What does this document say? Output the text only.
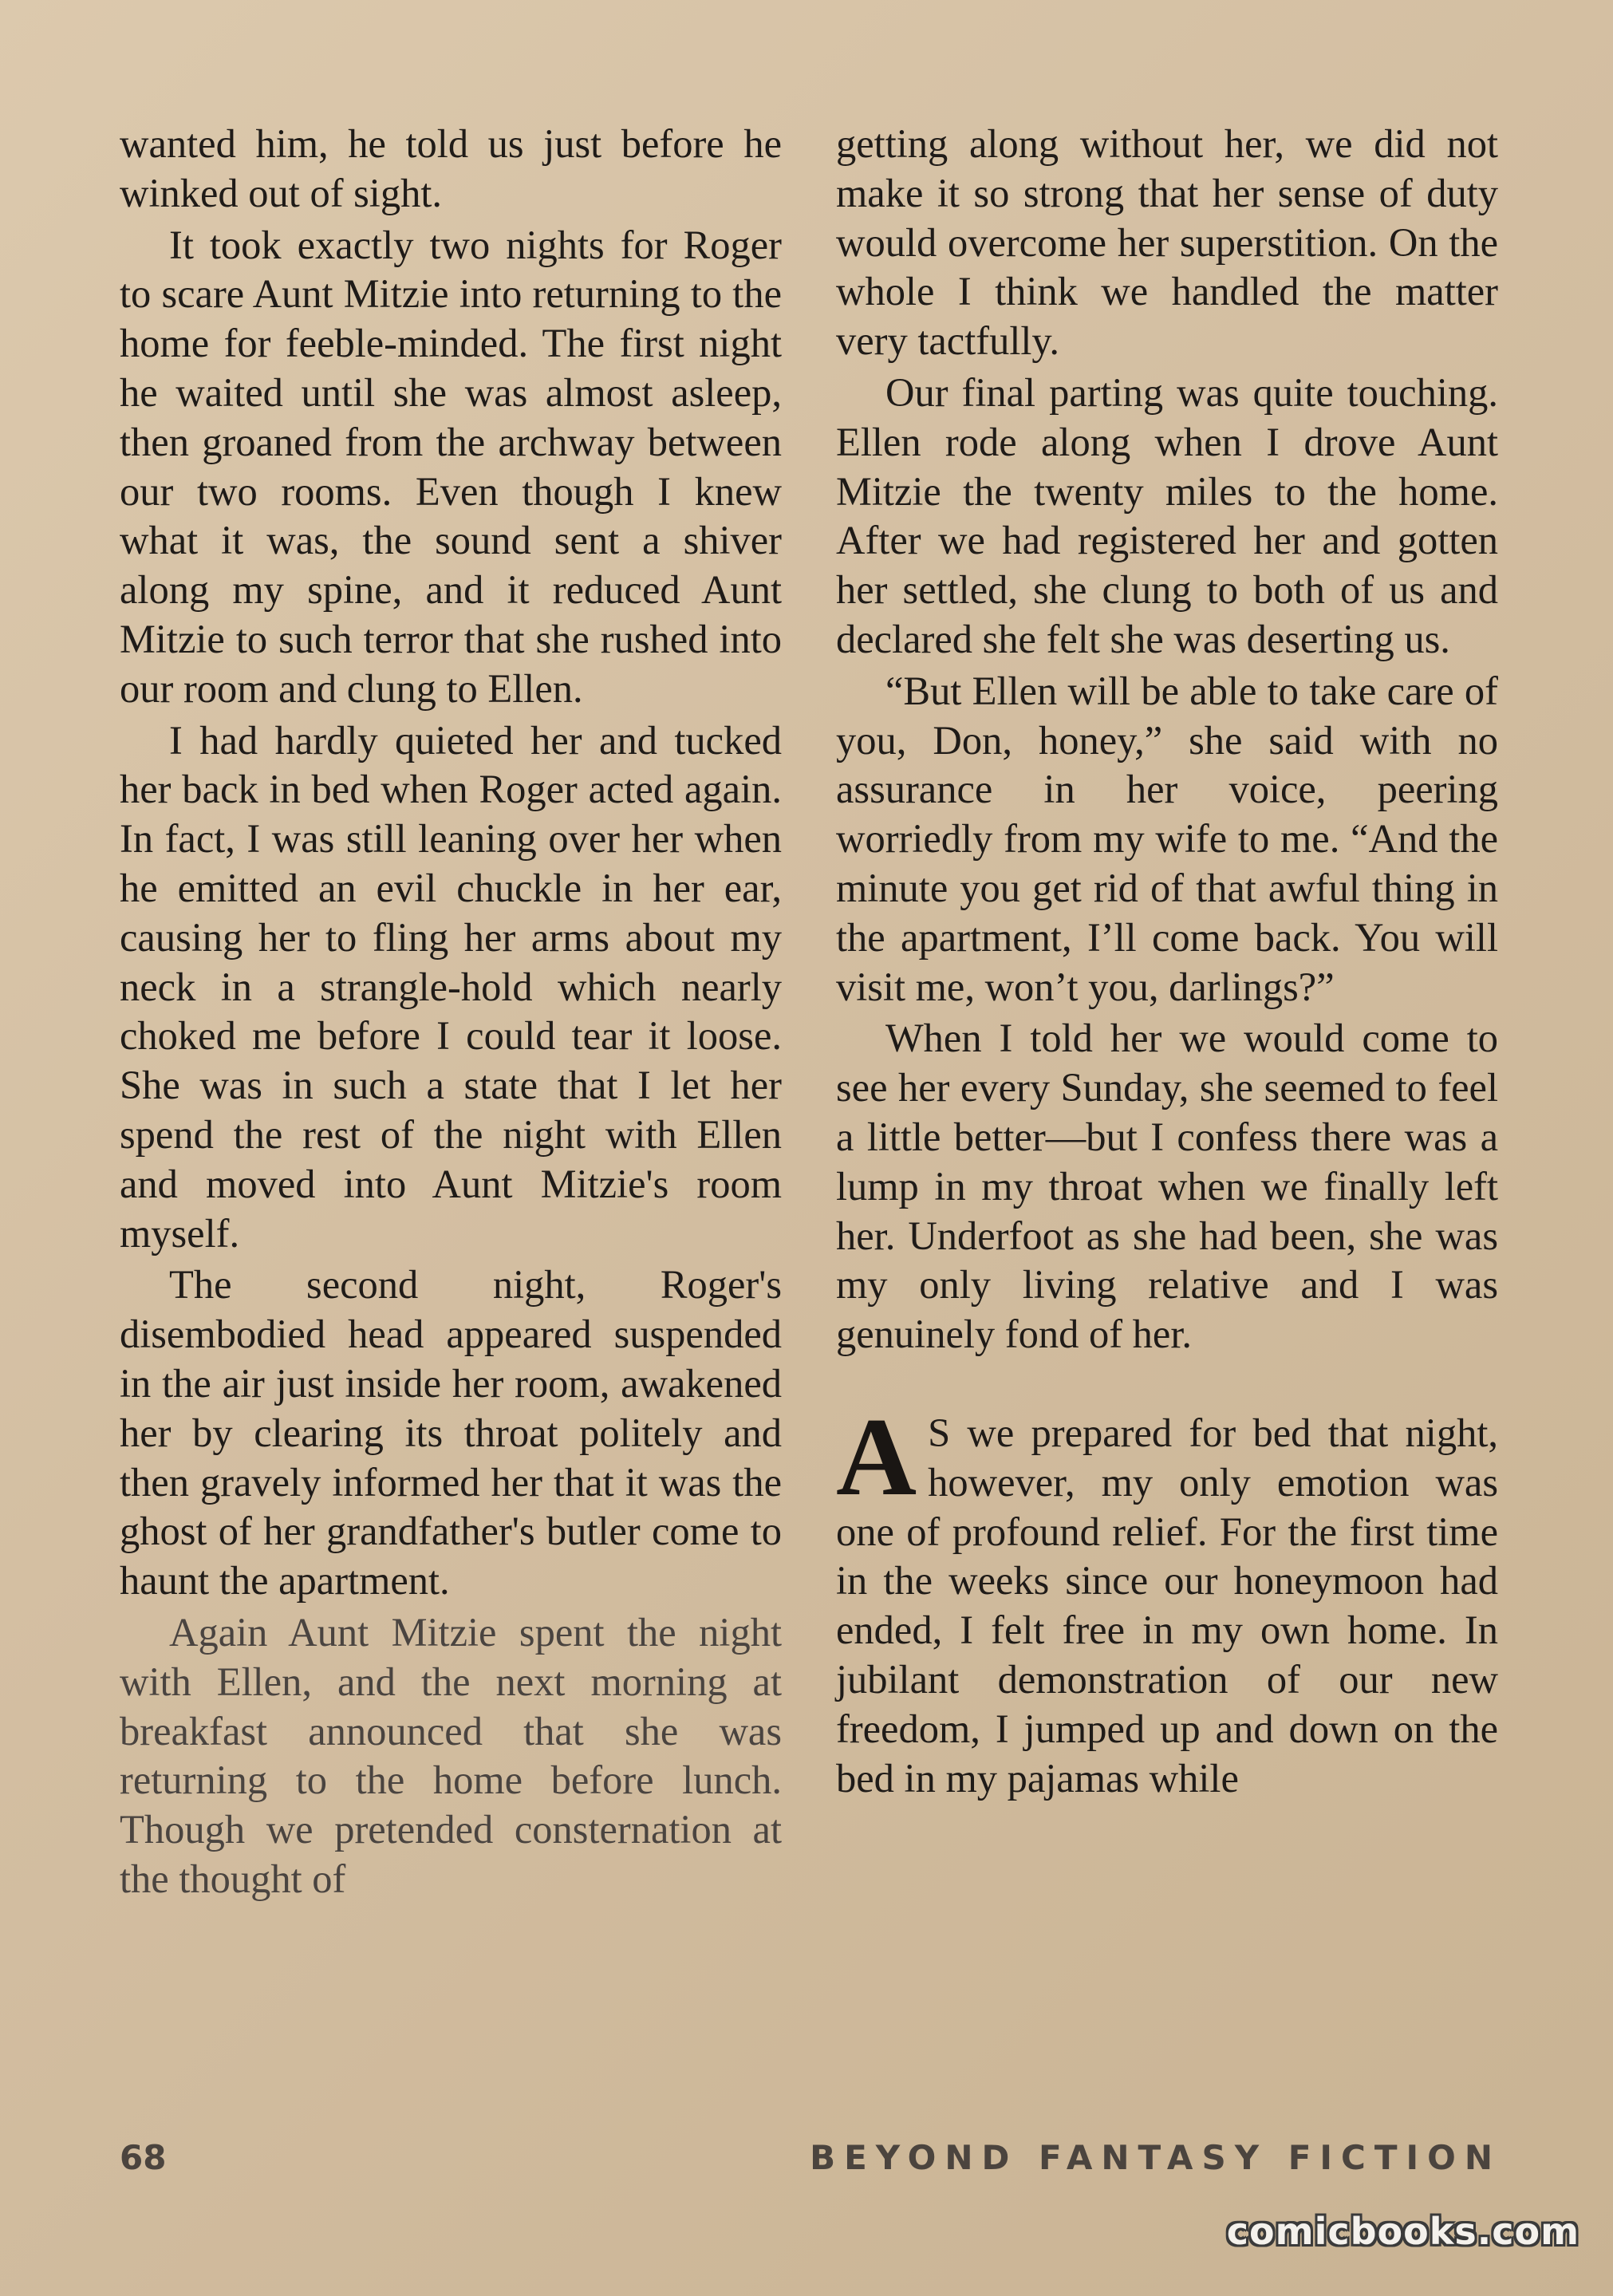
wanted him, he told us just before he winked out of sight.

It took exactly two nights for Roger to scare Aunt Mitzie into returning to the home for feeble-minded. The first night he waited until she was almost asleep, then groaned from the archway between our two rooms. Even though I knew what it was, the sound sent a shiver along my spine, and it reduced Aunt Mitzie to such terror that she rushed into our room and clung to Ellen.

I had hardly quieted her and tucked her back in bed when Roger acted again. In fact, I was still leaning over her when he emitted an evil chuckle in her ear, causing her to fling her arms about my neck in a strangle-hold which nearly choked me before I could tear it loose. She was in such a state that I let her spend the rest of the night with Ellen and moved into Aunt Mitzie's room myself.

The second night, Roger's disembodied head appeared suspended in the air just inside her room, awakened her by clearing its throat politely and then gravely informed her that it was the ghost of her grandfather's butler come to haunt the apartment.

Again Aunt Mitzie spent the night with Ellen, and the next morning at breakfast announced that she was returning to the home before lunch. Though we pretended consternation at the thought of

getting along without her, we did not make it so strong that her sense of duty would overcome her superstition. On the whole I think we handled the matter very tactfully.

Our final parting was quite touching. Ellen rode along when I drove Aunt Mitzie the twenty miles to the home. After we had registered her and gotten her settled, she clung to both of us and declared she felt she was deserting us.

“But Ellen will be able to take care of you, Don, honey,” she said with no assurance in her voice, peering worriedly from my wife to me. “And the minute you get rid of that awful thing in the apartment, I’ll come back. You will visit me, won’t you, darlings?”

When I told her we would come to see her every Sunday, she seemed to feel a little better—but I confess there was a lump in my throat when we finally left her. Underfoot as she had been, she was my only living relative and I was genuinely fond of her.

A S we prepared for bed that night, however, my only emotion was one of profound relief. For the first time in the weeks since our honeymoon had ended, I felt free in my own home. In jubilant demonstration of our new freedom, I jumped up and down on the bed in my pajamas while

68	BEYOND FANTASY FICTION
comicbooks.com
